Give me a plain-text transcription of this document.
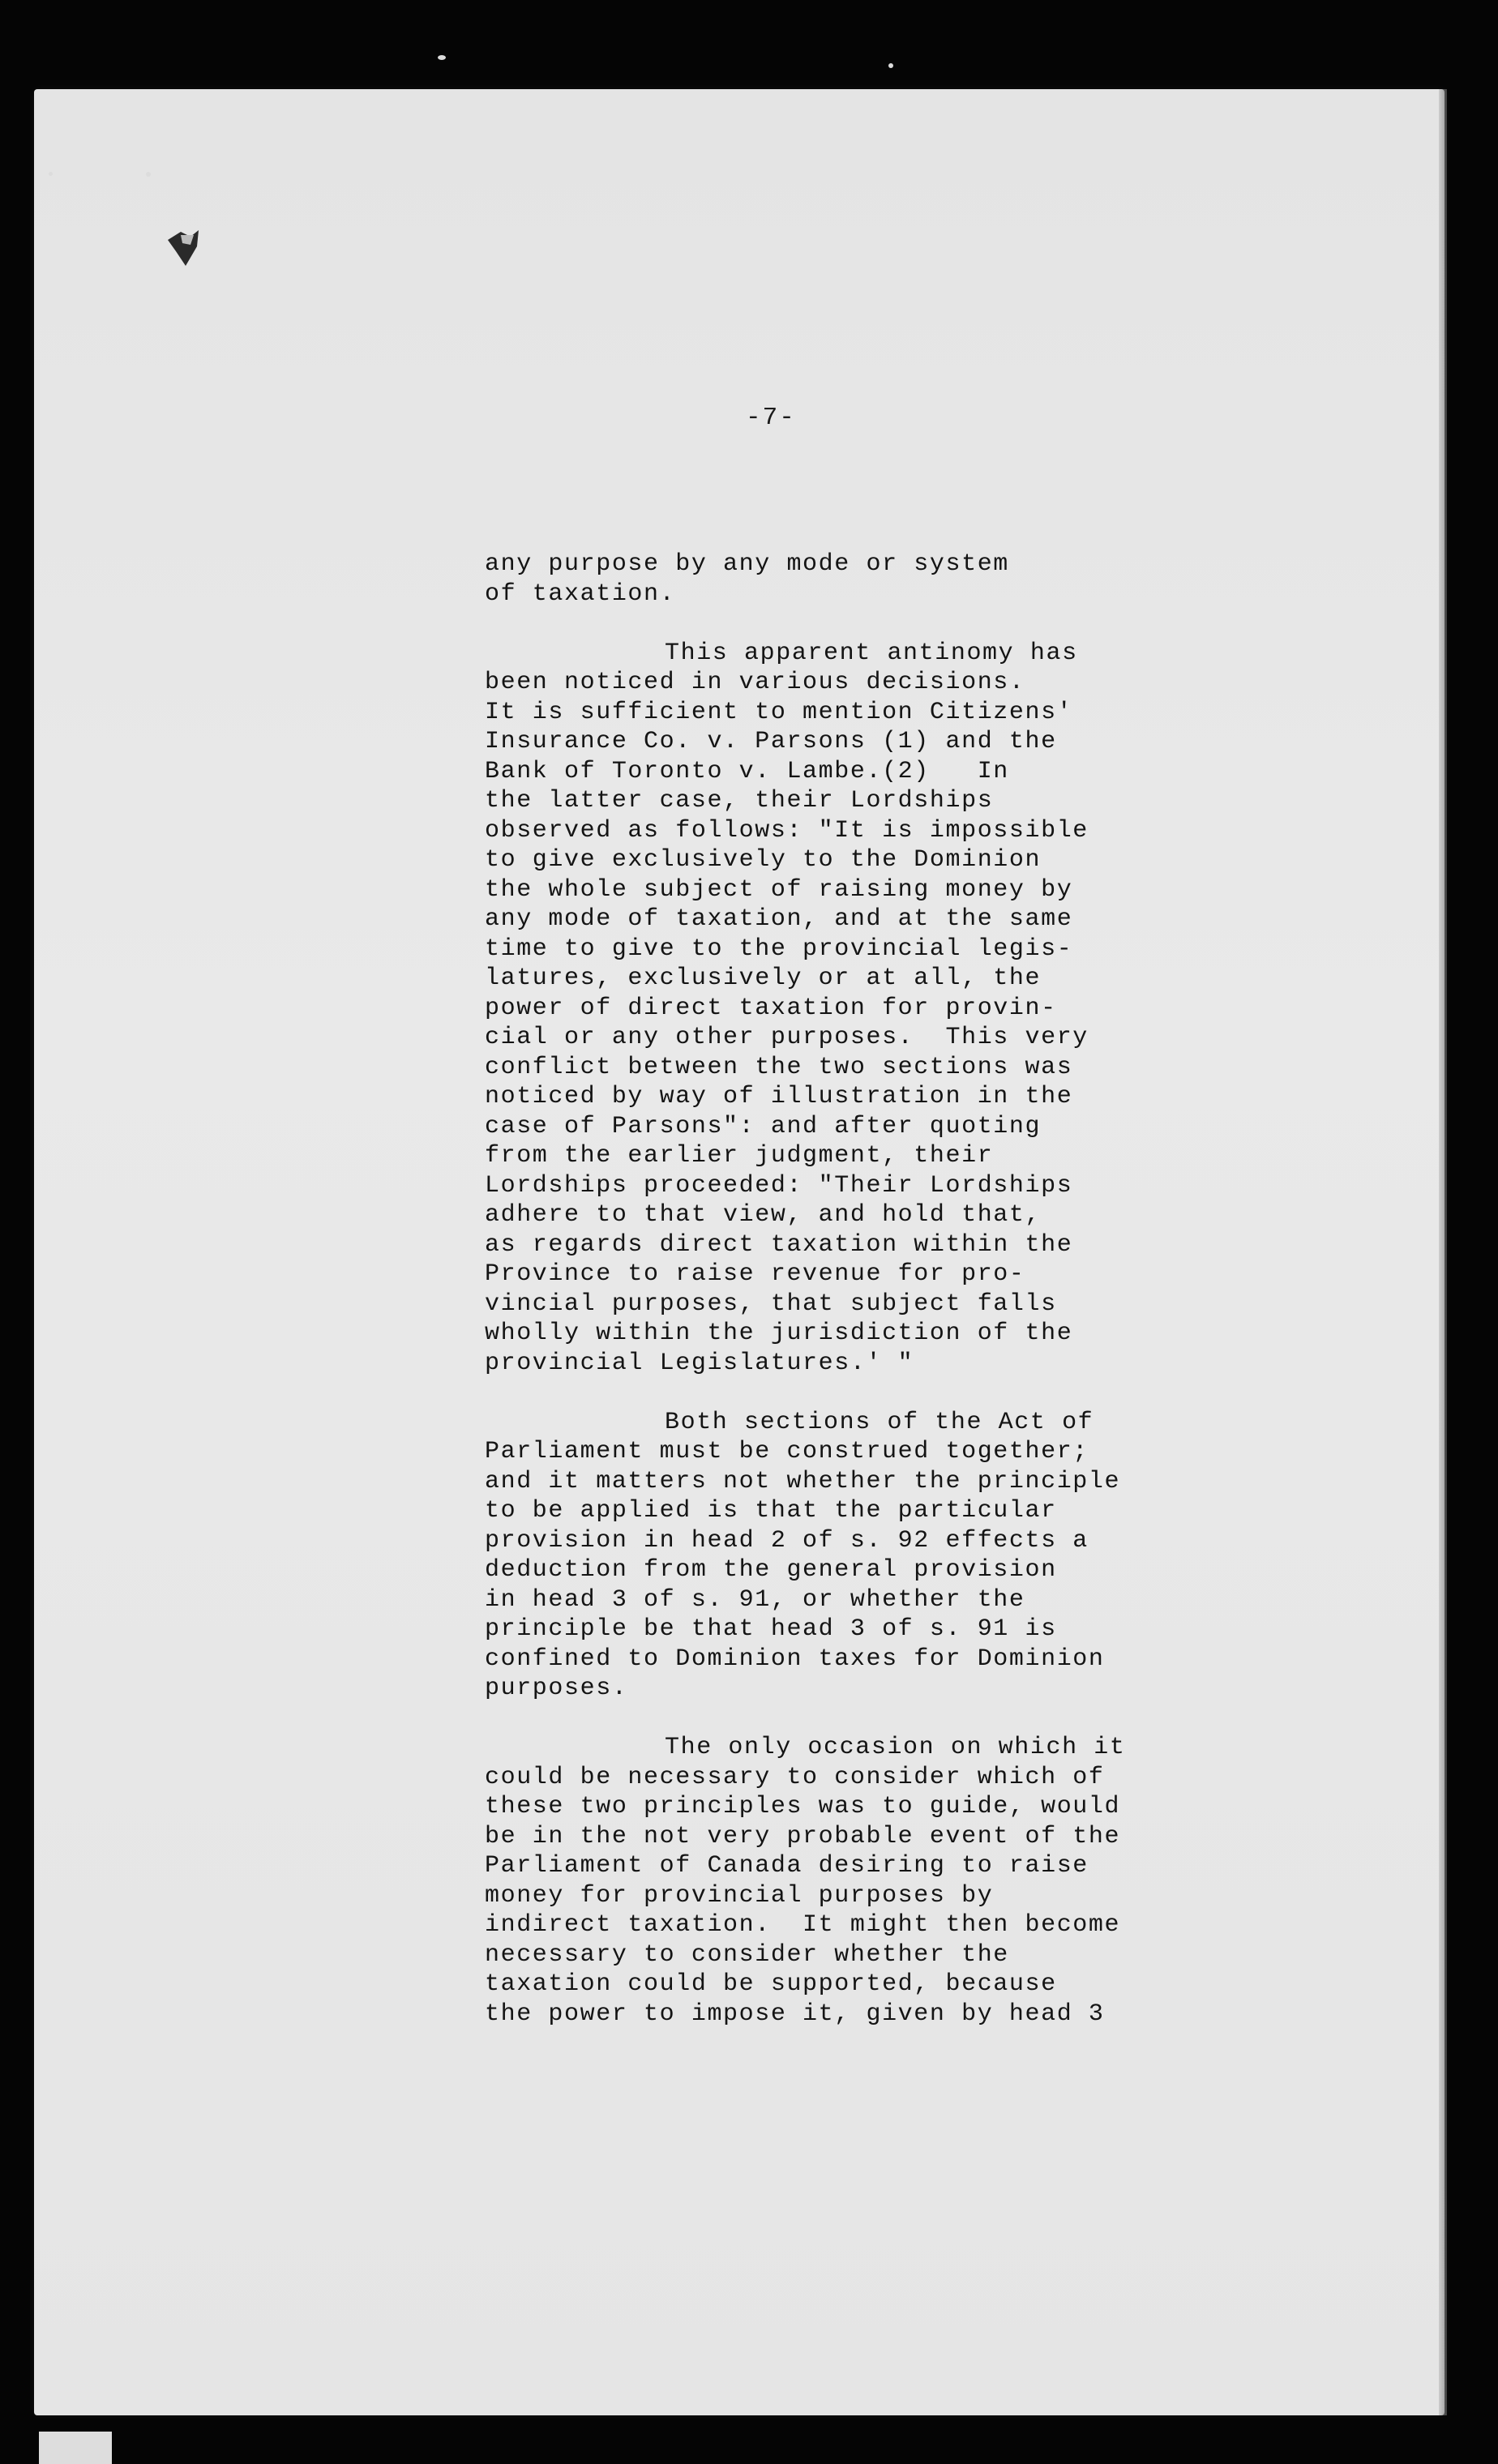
-7-
any purpose by any mode or system
of taxation.
This apparent antinomy has
been noticed in various decisions.
It is sufficient to mention Citizens'
Insurance Co. v. Parsons (1) and the
Bank of Toronto v. Lambe.(2)   In
the latter case, their Lordships
observed as follows: "It is impossible
to give exclusively to the Dominion
the whole subject of raising money by
any mode of taxation, and at the same
time to give to the provincial legis-
latures, exclusively or at all, the
power of direct taxation for provin-
cial or any other purposes.  This very
conflict between the two sections was
noticed by way of illustration in the
case of Parsons": and after quoting
from the earlier judgment, their
Lordships proceeded: "Their Lordships
adhere to that view, and hold that,
as regards direct taxation within the
Province to raise revenue for pro-
vincial purposes, that subject falls
wholly within the jurisdiction of the
provincial Legislatures.' "
Both sections of the Act of
Parliament must be construed together;
and it matters not whether the principle
to be applied is that the particular
provision in head 2 of s. 92 effects a
deduction from the general provision
in head 3 of s. 91, or whether the
principle be that head 3 of s. 91 is
confined to Dominion taxes for Dominion
purposes.
The only occasion on which it
could be necessary to consider which of
these two principles was to guide, would
be in the not very probable event of the
Parliament of Canada desiring to raise
money for provincial purposes by
indirect taxation.  It might then become
necessary to consider whether the
taxation could be supported, because
the power to impose it, given by head 3
